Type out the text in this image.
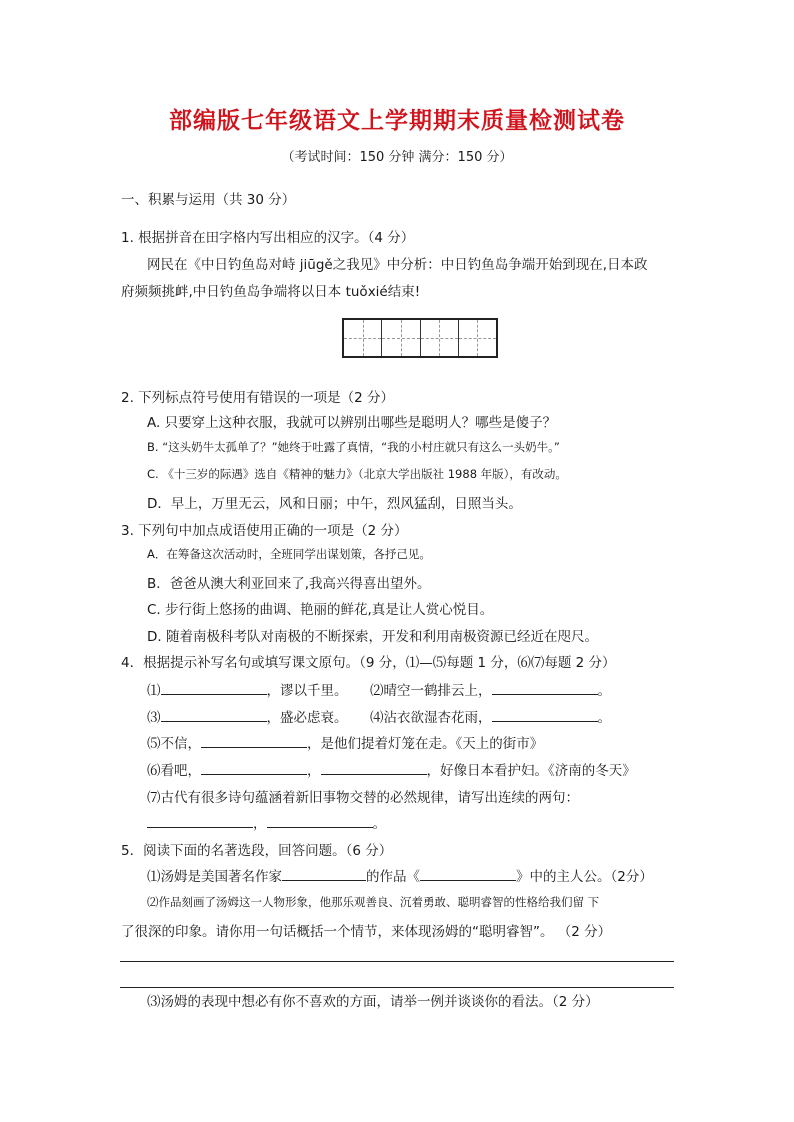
部编版七年级语文上学期期末质量检测试卷
（考试时间：150 分钟 满分：150 分）
一、积累与运用（共 30 分）
1. 根据拼音在田字格内写出相应的汉字。（4 分）
网民在《中日钓鱼岛对峙 jiūgě之我见》中分析：中日钓鱼岛争端开始到现在,日本政
府频频挑衅,中日钓鱼岛争端将以日本 tuǒxié结束!
2. 下列标点符号使用有错误的一项是（2 分）
A. 只要穿上这种衣服，我就可以辨别出哪些是聪明人？哪些是傻子？
B. “这头奶牛太孤单了？”她终于吐露了真情，“我的小村庄就只有这么一头奶牛。”
C. 《十三岁的际遇》选自《精神的魅力》（北京大学出版社 1988 年版），有改动。
D．早上，万里无云，风和日丽；中午，烈风猛刮，日照当头。
3. 下列句中加点成语使用正确的一项是（2 分）
A．在筹备这次活动时，全班同学出谋划策，各抒己见。
B．爸爸从澳大利亚回来了,我高兴得喜出望外。
C. 步行街上悠扬的曲调、艳丽的鲜花,真是让人赏心悦目。
D. 随着南极科考队对南极的不断探索，开发和利用南极资源已经近在咫尺。
4．根据提示补写名句或填写课文原句。（9 分，⑴—⑸每题 1 分，⑹⑺每题 2 分）
⑴	，谬以千里。 ⑵晴空一鹤排云上，	。
⑶	，盛必虑衰。 ⑷沾衣欲湿杏花雨，	。
⑸不信，	，是他们提着灯笼在走。《天上的街市》
⑹看吧，	，	，好像日本看护妇。《济南的冬天》
⑺古代有很多诗句蕴涵着新旧事物交替的必然规律，请写出连续的两句：
，	。
5．阅读下面的名著选段，回答问题。（6 分）
⑴汤姆是美国著名作家	的作品《	》中的主人公。（2分）
⑵作品刻画了汤姆这一人物形象，他那乐观善良、沉着勇敢、聪明睿智的性格给我们留 下
了很深的印象。请你用一句话概括一个情节，来体现汤姆的“聪明睿智”。 （2 分）
⑶汤姆的表现中想必有你不喜欢的方面，请举一例并谈谈你的看法。（2 分）
